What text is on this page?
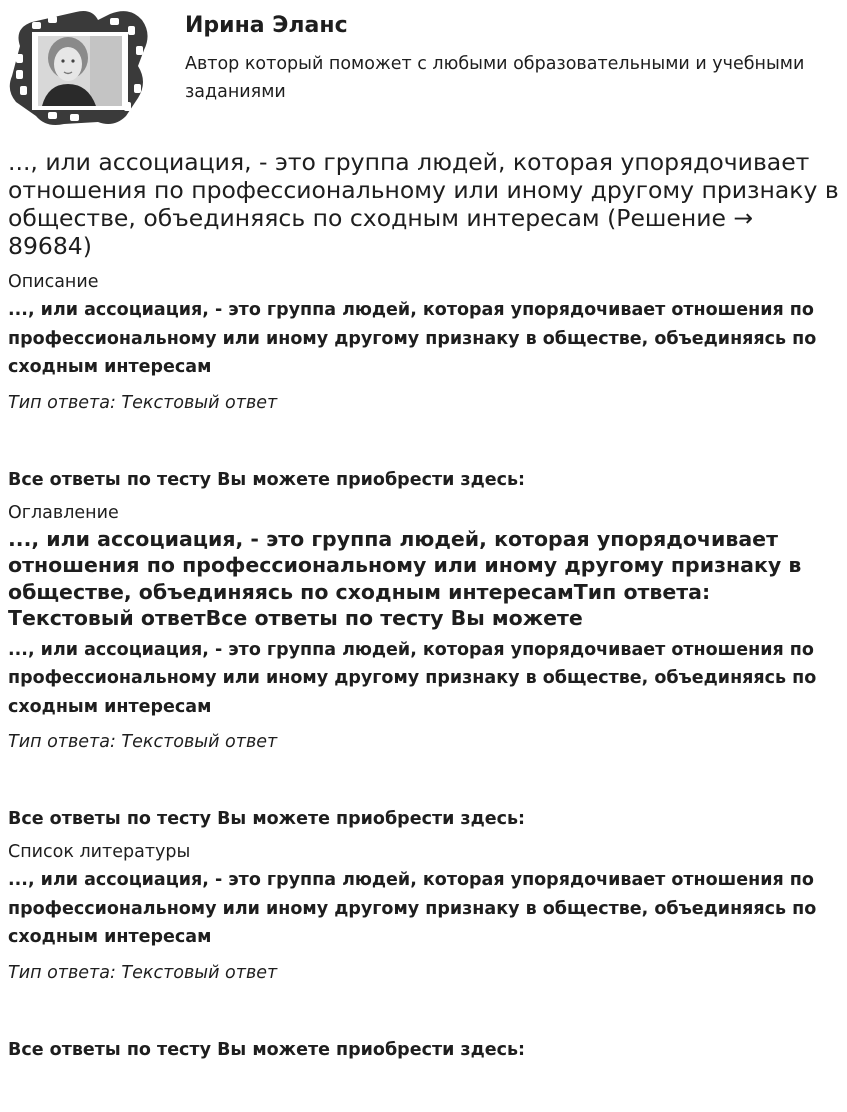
Ирина Эланс

Автор который поможет с любыми образовательными и учебными заданиями

..., или ассоциация, - это группа людей, которая упорядочивает отношения по профессиональному или иному другому признаку в обществе, объединяясь по сходным интересам (Решение → 89684)
Описание

..., или ассоциация, - это группа людей, которая упорядочивает отношения по профессиональному или иному другому признаку в обществе, объединяясь по сходным интересам

Тип ответа: Текстовый ответ

Все ответы по тесту Вы можете приобрести здесь:

Оглавление
..., или ассоциация, - это группа людей, которая упорядочивает отношения по профессиональному или иному другому признаку в обществе, объединяясь по сходным интересамТип ответа: Текстовый ответВсе ответы по тесту Вы можете

..., или ассоциация, - это группа людей, которая упорядочивает отношения по профессиональному или иному другому признаку в обществе, объединяясь по сходным интересам

Тип ответа: Текстовый ответ

Все ответы по тесту Вы можете приобрести здесь:

Список литературы

..., или ассоциация, - это группа людей, которая упорядочивает отношения по профессиональному или иному другому признаку в обществе, объединяясь по сходным интересам

Тип ответа: Текстовый ответ

Все ответы по тесту Вы можете приобрести здесь:
